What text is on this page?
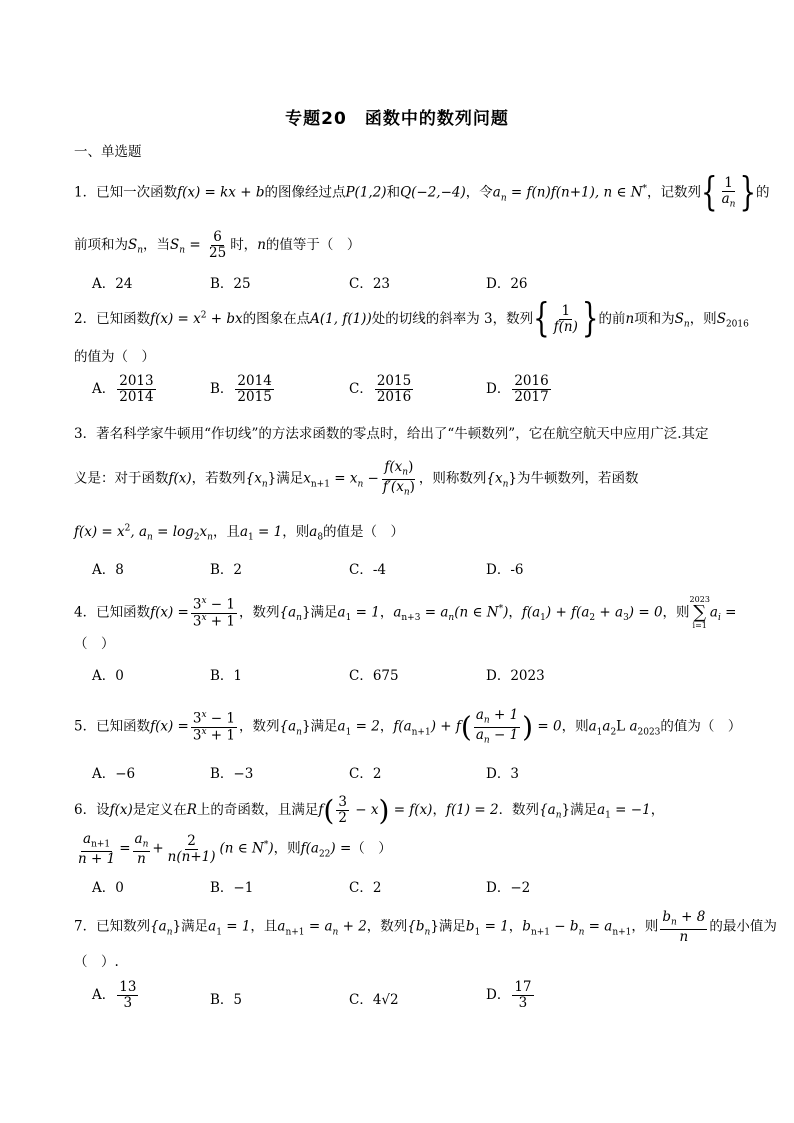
专题20　函数中的数列问题
一、单选题
1．已知一次函数f(x) = kx + b的图像经过点P(1,2)和Q(−2,−4)，令$a_n = f(n)f(n+1)$, n ∈ N*，记数列{ $\frac{1}{a_n}$ }的
前项和为$S_n$，当$S_n = \frac{6}{25}$ 时，n的值等于（　）
A．24	B．25	C．23	D．26
2．已知函数$f(x) = x^2$ + bx的图象在点A(1, f(1))处的切线的斜率为 3，数列{ $\frac{1}{f(n)}$ }的前n项和为$S_n$，则$S_{2016}$
的值为（　）
A． $\frac{2013}{2014}$	B． $\frac{2014}{2015}$	C． $\frac{2015}{2016}$	D． $\frac{2016}{2017}$
3．著名科学家牛顿用“作切线”的方法求函数的零点时，给出了“牛顿数列”，它在航空航天中应用广泛.其定
义是：对于函数f(x)，若数列$\{x_n\}$满足$x_{n+1} = x_n - \frac{f(x_n)}{f'(x_n)}$ ，则称数列$\{x_n\}$为牛顿数列，若函数
$f(x) = x^2$, $a_n = \log_2x_n$，且$a_1 = 1$，则$a_8$的值是（　）
A．8	B．2	C．-4	D．-6
4．已知函数$f(x) = \frac{3^x - 1}{3^x + 1}$ ，数列$\{a_n\}$满足$a_1 = 1$，$a_{n+3} = a_n(n$ ∈ N*)，$f(a_1) + f(a_2 + a_3) = 0$，则
2023
∑
i=1
$a_i$ =
（　）
A．0	B．1	C．675	D．2023
5．已知函数$f(x) = \frac{3^x - 1}{3^x + 1}$ ，数列$\{a_n\}$满足$a_1 = 2$，$f(a_{n+1}) + f( \frac{a_n + 1}{a_n - 1}$ ) = 0，则$a_1a_2L$ $a_{2023}$的值为（　）
A．−6	B．−3	C．2	D．3
6．设f(x)是定义在R上的奇函数，且满足$f( \frac{3}{2} - x) = f(x)$，f(1) = 2．数列$\{a_n\}$满足$a_1 = -1$，
$\frac{a_{n+1}}{n + 1} = \frac{a_n}{n} + \frac{2}{n(n+1)} (n$ ∈ N*)，则$f(a_{22})$ =（　）
A．0	B．−1	C．2	D．−2
7．已知数列$\{a_n\}$满足$a_1 = 1$，且$a_{n+1} = a_n + 2$，数列$\{b_n\}$满足$b_1 = 1$，$b_{n+1} - b_n = a_{n+1}$，则 $\frac{b_n + 8}{n}$ 的最小值为
（　）.
A． $\frac{13}{3}$	B．5	C．4√2	D． $\frac{17}{3}$
